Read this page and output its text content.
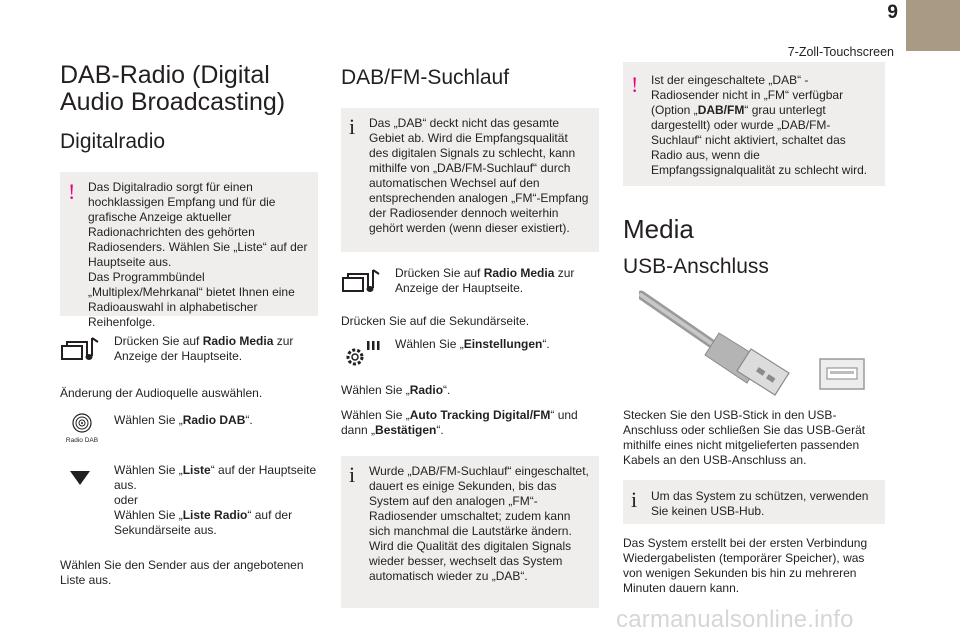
9
7-Zoll-Touchscreen
DAB-Radio (Digital Audio Broadcasting)
Digitalradio
! Das Digitalradio sorgt für einen hochklassigen Empfang und für die grafische Anzeige aktueller Radionachrichten des gehörten Radiosenders. Wählen Sie „Liste“ auf der Hauptseite aus.
Das Programmbündel „Multiplex/Mehrkanal“ bietet Ihnen eine Radioauswahl in alphabetischer Reihenfolge.
Drücken Sie auf Radio Media zur Anzeige der Hauptseite.

Änderung der Audioquelle auswählen.

Radio DAB
Wählen Sie „Radio DAB“.
Wählen Sie „Liste“ auf der Hauptseite aus.
oder
Wählen Sie „Liste Radio“ auf der Sekundärseite aus.

Wählen Sie den Sender aus der angebotenen Liste aus.

DAB/FM-Suchlauf
i Das „DAB“ deckt nicht das gesamte Gebiet ab. Wird die Empfangsqualität des digitalen Signals zu schlecht, kann mithilfe von „DAB/FM-Suchlauf“ durch automatischen Wechsel auf den entsprechenden analogen „FM“-Empfang der Radiosender dennoch weiterhin gehört werden (wenn dieser existiert).
Drücken Sie auf Radio Media zur Anzeige der Hauptseite.

Drücken Sie auf die Sekundärseite.

Wählen Sie „Einstellungen“.

Wählen Sie „Radio“.

Wählen Sie „Auto Tracking Digital/FM“ und dann „Bestätigen“.

i Wurde „DAB/FM-Suchlauf“ eingeschaltet, dauert es einige Sekunden, bis das System auf den analogen „FM“-Radiosender umschaltet; zudem kann sich manchmal die Lautstärke ändern.
Wird die Qualität des digitalen Signals wieder besser, wechselt das System automatisch wieder zu „DAB“.
! Ist der eingeschaltete „DAB“ -Radiosender nicht in „FM“ verfügbar (Option „DAB/FM“ grau unterlegt dargestellt) oder wurde „DAB/FM-Suchlauf“ nicht aktiviert, schaltet das Radio aus, wenn die Empfangssignalqualität zu schlecht wird.
Media
USB-Anschluss

Stecken Sie den USB-Stick in den USB-Anschluss oder schließen Sie das USB-Gerät mithilfe eines nicht mitgelieferten passenden Kabels an den USB-Anschluss an.

i Um das System zu schützen, verwenden Sie keinen USB-Hub.

Das System erstellt bei der ersten Verbindung Wiedergabelisten (temporärer Speicher), was von wenigen Sekunden bis hin zu mehreren Minuten dauern kann.

carmanualsonline.info
